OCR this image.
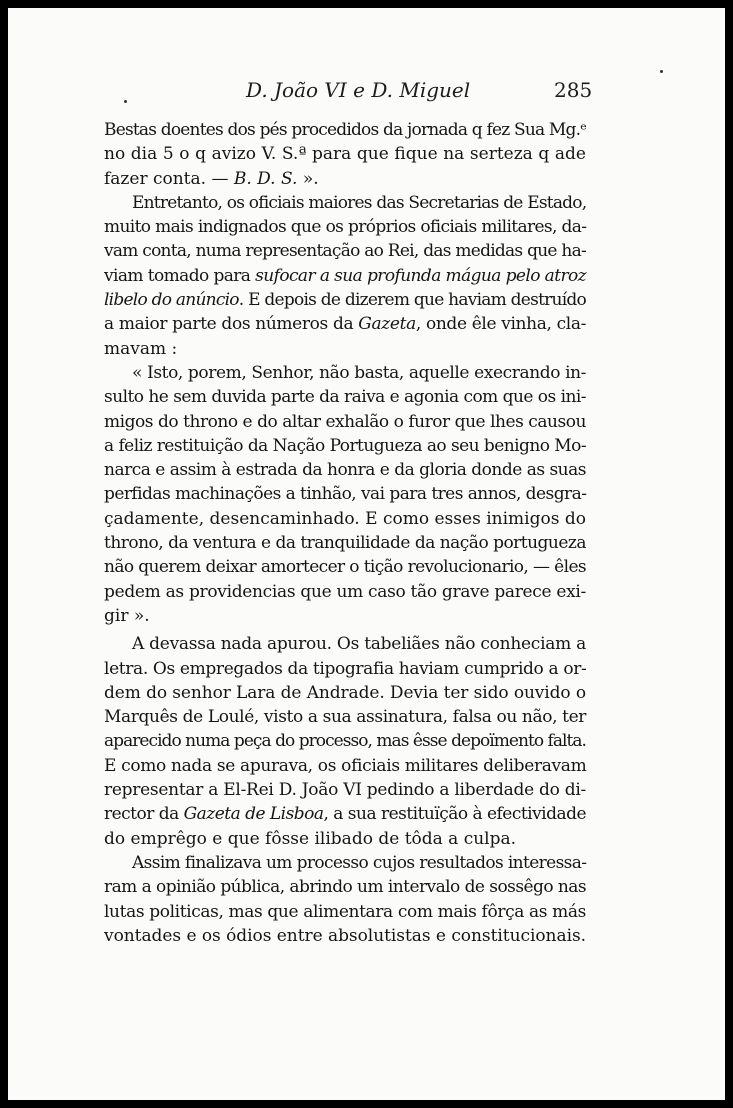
D. João VI e D. Miguel	285

Bestas doentes dos pés procedidos da jornada q fez Sua Mg.ᵉ
no dia 5 o q avizo V. S.ª para que fique na serteza q ade
fazer conta. — B. D. S. ».

Entretanto, os oficiais maiores das Secretarias de Estado,
muito mais indignados que os próprios oficiais militares, da-
vam conta, numa representação ao Rei, das medidas que ha-
viam tomado para sufocar a sua profunda mágua pelo atroz
libelo do anúncio. E depois de dizerem que haviam destruído
a maior parte dos números da Gazeta, onde êle vinha, cla-
mavam :

« Isto, porem, Senhor, não basta, aquelle execrando in-
sulto he sem duvida parte da raiva e agonia com que os ini-
migos do throno e do altar exhalão o furor que lhes causou
a feliz restituição da Nação Portugueza ao seu benigno Mo-
narca e assim à estrada da honra e da gloria donde as suas
perfidas machinações a tinhão, vai para tres annos, desgra-
çadamente, desencaminhado. E como esses inimigos do
throno, da ventura e da tranquilidade da nação portugueza
não querem deixar amortecer o tição revolucionario, — êles
pedem as providencias que um caso tão grave parece exi-
gir ».

A devassa nada apurou. Os tabeliães não conheciam a
letra. Os empregados da tipografia haviam cumprido a or-
dem do senhor Lara de Andrade. Devia ter sido ouvido o
Marquês de Loulé, visto a sua assinatura, falsa ou não, ter
aparecido numa peça do processo, mas êsse depoïmento falta.
E como nada se apurava, os oficiais militares deliberavam
representar a El-Rei D. João VI pedindo a liberdade do di-
rector da Gazeta de Lisboa, a sua restituïção à efectividade
do emprêgo e que fôsse ilibado de tôda a culpa.

Assim finalizava um processo cujos resultados interessa-
ram a opinião pública, abrindo um intervalo de sossêgo nas
lutas politicas, mas que alimentara com mais fôrça as más
vontades e os ódios entre absolutistas e constitucionais.
